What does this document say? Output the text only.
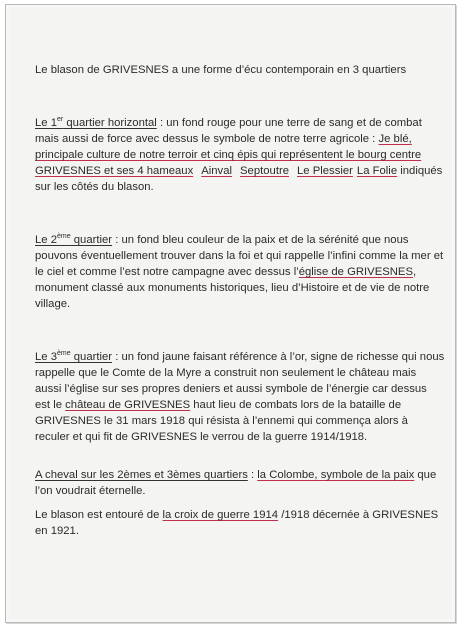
Le blason de GRIVESNES a une forme d’écu contemporain en 3 quartiers

Le 1er quartier horizontal : un fond rouge pour une terre de sang et de combat mais aussi de force avec dessus le symbole de notre terre agricole : Je blé, principale culture de notre terroir et cinq épis qui représentent le bourg centre GRIVESNES et ses 4 hameaux Ainval Septoutre Le Plessier La Folie indiqués sur les côtés du blason.

Le 2ème quartier : un fond bleu couleur de la paix et de la sérénité que nous pouvons éventuellement trouver dans la foi et qui rappelle l’infini comme la mer et le ciel et comme l’est notre campagne avec dessus l’église de GRIVESNES, monument classé aux monuments historiques, lieu d’Histoire et de vie de notre village.

Le 3ème quartier : un fond jaune faisant référence à l’or, signe de richesse qui nous rappelle que le Comte de la Myre a construit non seulement le château mais aussi l’église sur ses propres deniers et aussi symbole de l’énergie car dessus est le château de GRIVESNES haut lieu de combats lors de la bataille de GRIVESNES le 31 mars 1918 qui résista à l’ennemi qui commença alors à reculer et qui fit de GRIVESNES le verrou de la guerre 1914/1918.

A cheval sur les 2èmes et 3èmes quartiers : la Colombe, symbole de la paix que l’on voudrait éternelle.

Le blason est entouré de la croix de guerre 1914 /1918 décernée à GRIVESNES en 1921.
